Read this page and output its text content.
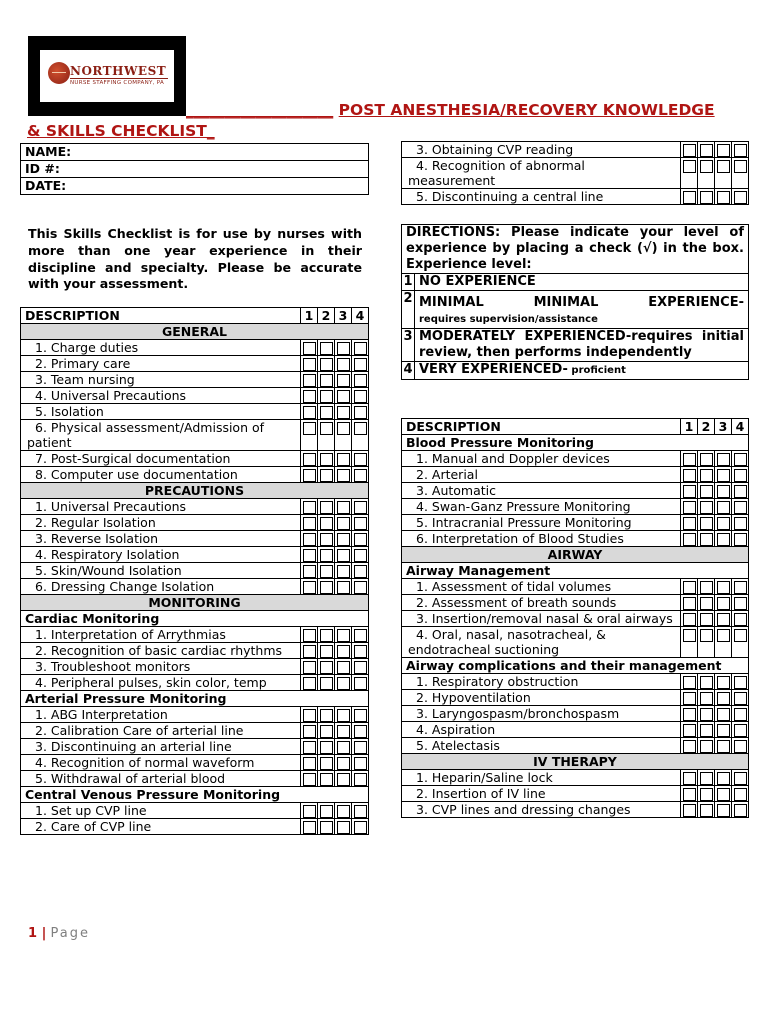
NORTHWEST
NURSE STAFFING COMPANY, PA
___________________ POST ANESTHESIA/RECOVERY KNOWLEDGE
& SKILLS CHECKLIST_
NAME:
ID #:
DATE:
This Skills Checklist is for use by nurses with more than one year experience in their discipline and specialty. Please be accurate with your assessment.
DESCRIPTION	1	2	3	4
GENERAL				
1. Charge duties	

2. Primary care	

3. Team nursing	

4. Universal Precautions	

5. Isolation	

6. Physical assessment/Admission of patient	

7. Post-Surgical documentation	

8. Computer use documentation	

PRECAUTIONS				
1. Universal Precautions	

2. Regular Isolation	

3. Reverse Isolation	

4. Respiratory Isolation	

5. Skin/Wound Isolation	

6. Dressing Change Isolation	

MONITORING				
Cardiac Monitoring				
1. Interpretation of Arrythmias	

2. Recognition of basic cardiac rhythms	

3. Troubleshoot monitors	

4. Peripheral pulses, skin color, temp	

Arterial Pressure Monitoring				
1. ABG Interpretation	

2. Calibration Care of arterial line	

3. Discontinuing an arterial line	

4. Recognition of normal waveform	

5. Withdrawal of arterial blood	

Central Venous Pressure Monitoring				
1. Set up CVP line	

2. Care of CVP line	

3. Obtaining CVP reading	

4. Recognition of abnormal measurement	

5. Discontinuing a central line	

DIRECTIONS: Please indicate your level of experience by placing a check (√) in the box. Experience level:	
1	NO EXPERIENCE
2	MINIMAL MINIMAL EXPERIENCE-
requires supervision/assistance
3	MODERATELY EXPERIENCED-requires initial review, then performs independently
4	VERY EXPERIENCED- proficient
DESCRIPTION	1	2	3	4
Blood Pressure Monitoring				
1. Manual and Doppler devices	

2. Arterial	

3. Automatic	

4. Swan-Ganz Pressure Monitoring	

5. Intracranial Pressure Monitoring	

6. Interpretation of Blood Studies	

AIRWAY				
Airway Management				
1. Assessment of tidal volumes	

2. Assessment of breath sounds	

3. Insertion/removal nasal & oral airways	

4. Oral, nasal, nasotracheal, & endotracheal suctioning	

Airway complications and their management				
1. Respiratory obstruction	

2. Hypoventilation	

3. Laryngospasm/bronchospasm	

4. Aspiration	

5. Atelectasis	

IV THERAPY				
1. Heparin/Saline lock	

2. Insertion of IV line	

3. CVP lines and dressing changes	

1 | Page
